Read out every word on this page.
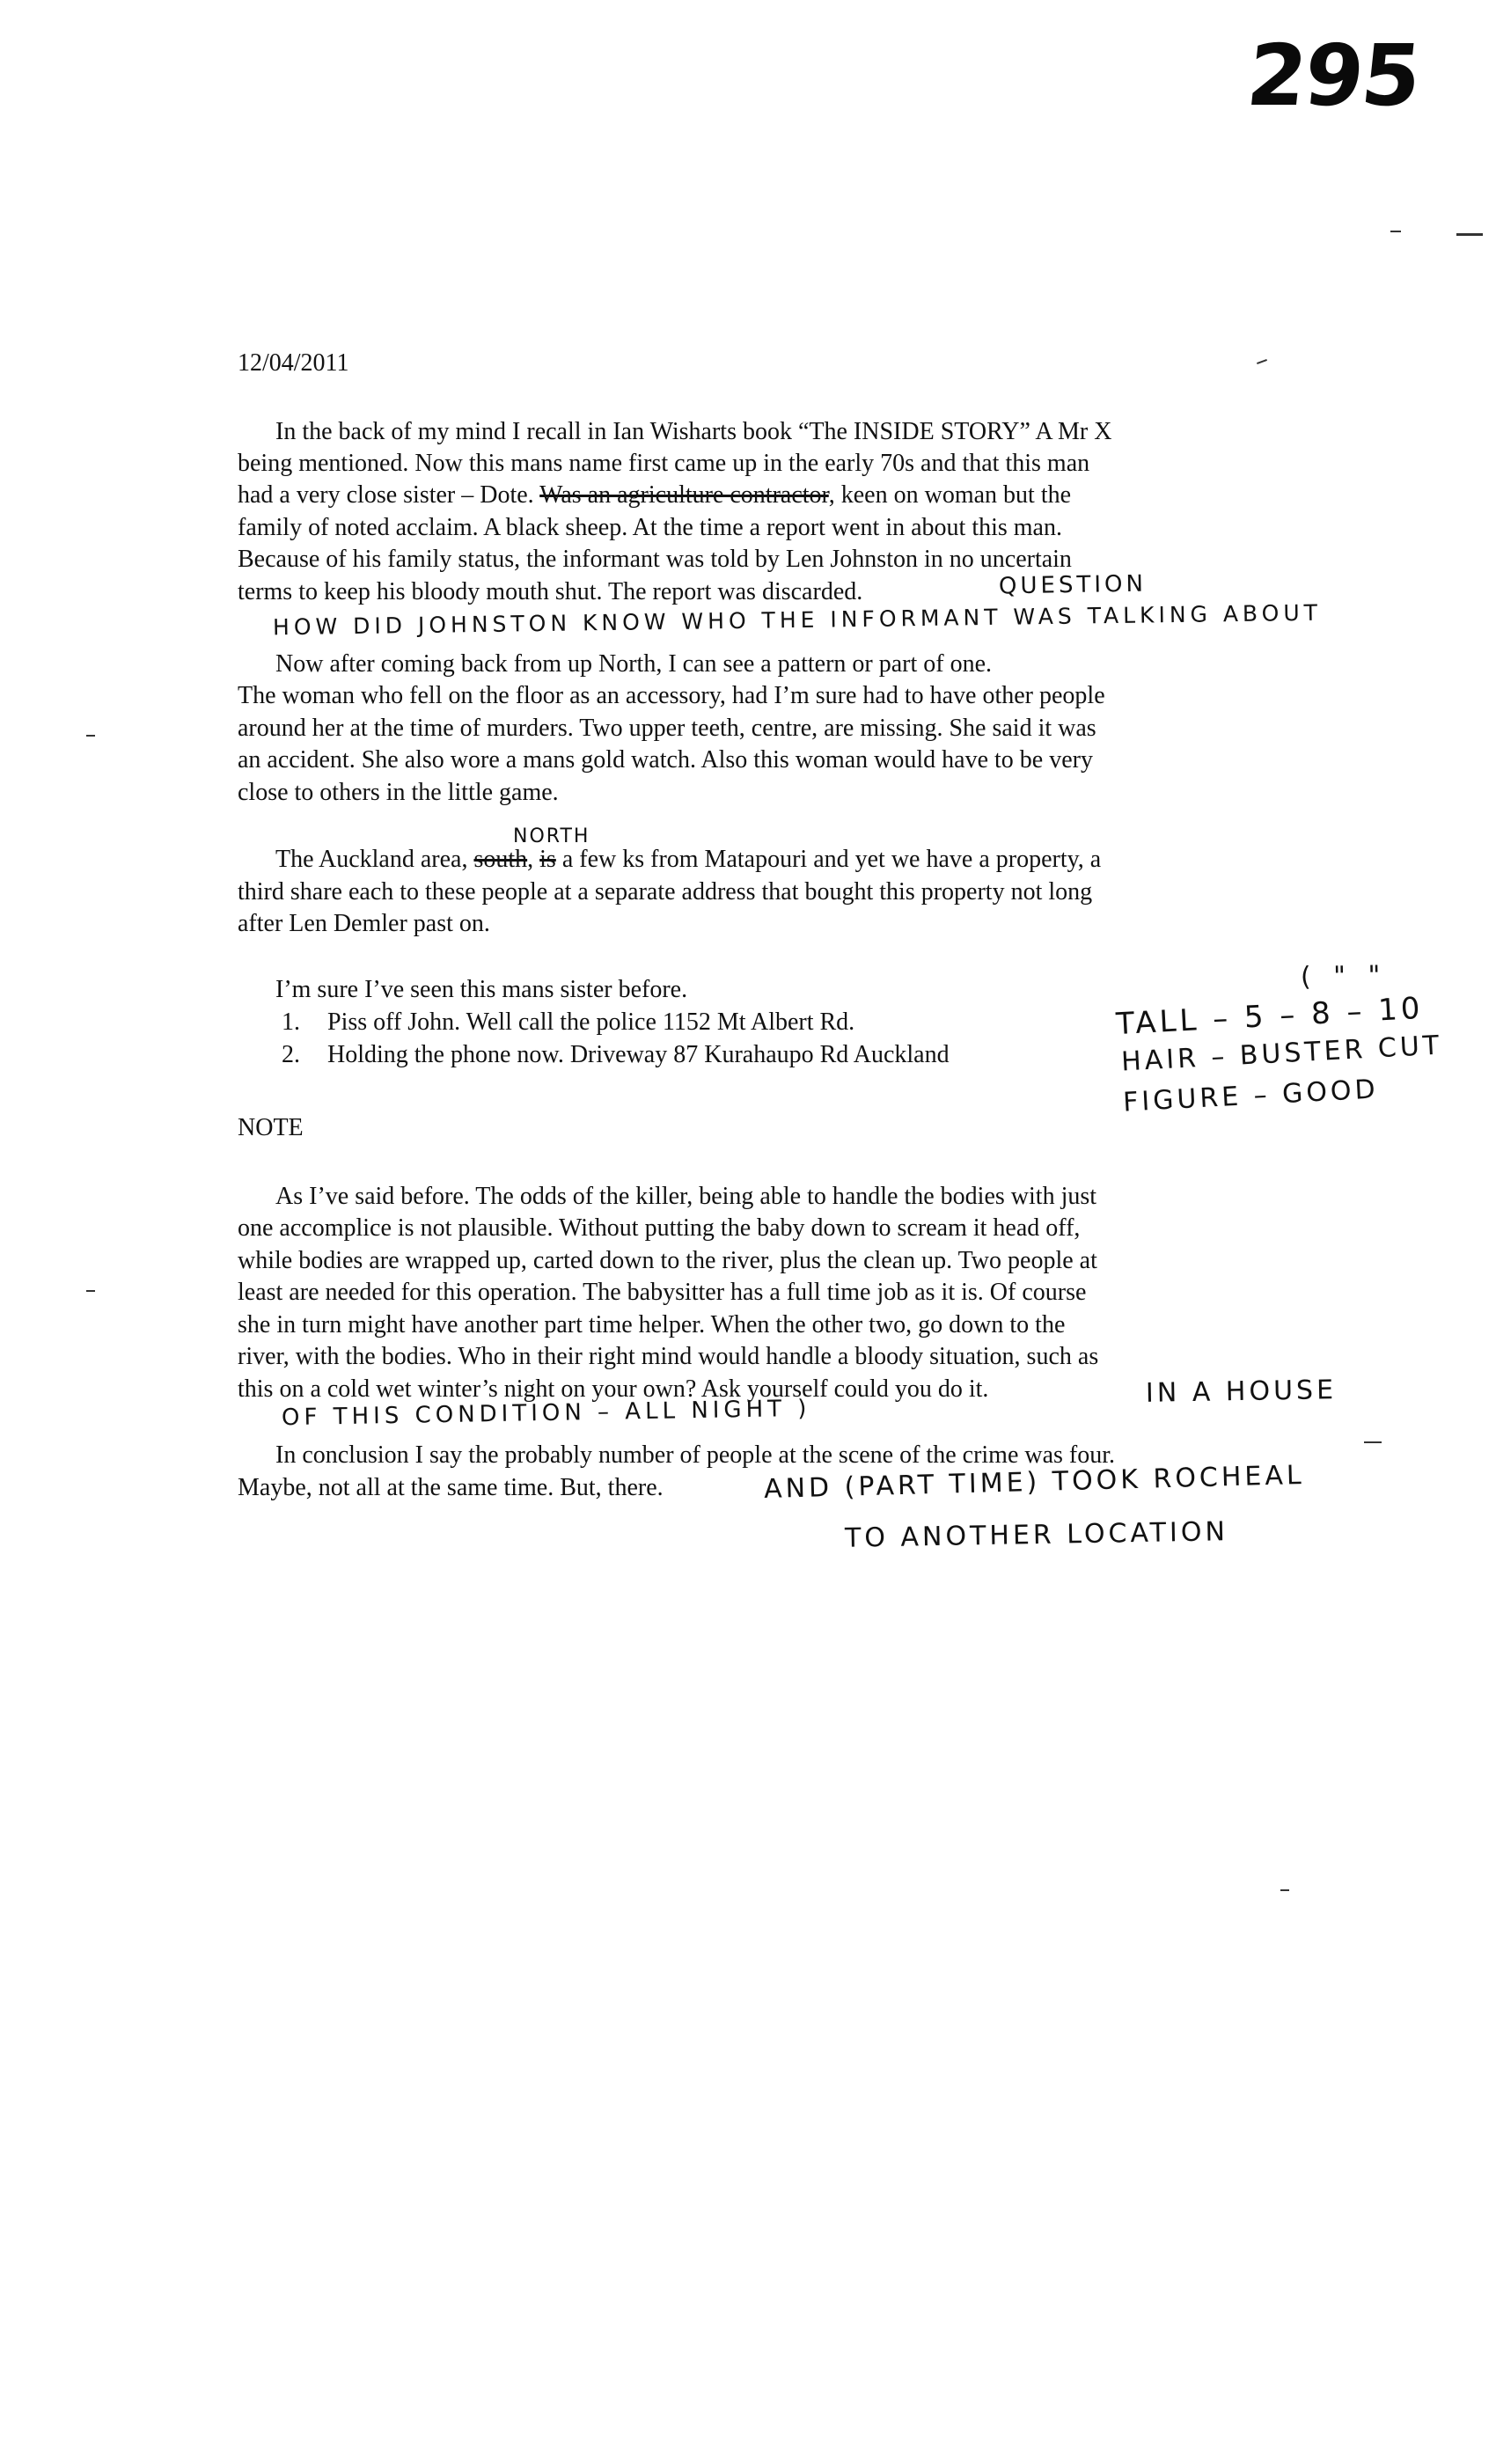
295
12/04/2011
In the back of my mind I recall in Ian Wisharts book “The INSIDE STORY” A Mr X
being mentioned. Now this mans name first came up in the early 70s and that this man
had a very close sister – Dote. Was an agriculture contractor, keen on woman but the
family of noted acclaim. A black sheep. At the time a report went in about this man.
Because of his family status, the informant was told by Len Johnston in no uncertain
terms to keep his bloody mouth shut. The report was discarded.	QUESTION
HOW DID JOHNSTON KNOW WHO THE INFORMANT WAS TALKING ABOUT
Now after coming back from up North, I can see a pattern or part of one.
The woman who fell on the floor as an accessory, had I’m sure had to have other people
around her at the time of murders. Two upper teeth, centre, are missing. She said it was
an accident. She also wore a mans gold watch. Also this woman would have to be very
close to others in the little game.
NORTH
The Auckland area, south, is a few ks from Matapouri and yet we have a property, a
third share each to these people at a separate address that bought this property not long
after Len Demler past on.
I’m sure I’ve seen this mans sister before.
1. Piss off John. Well call the police 1152 Mt Albert Rd.
2. Holding the phone now. Driveway 87 Kurahaupo Rd Auckland
( " "
TALL – 5 – 8 – 10
HAIR – BUSTER CUT
FIGURE – GOOD
NOTE
As I’ve said before. The odds of the killer, being able to handle the bodies with just
one accomplice is not plausible. Without putting the baby down to scream it head off,
while bodies are wrapped up, carted down to the river, plus the clean up. Two people at
least are needed for this operation. The babysitter has a full time job as it is. Of course
she in turn might have another part time helper. When the other two, go down to the
river, with the bodies. Who in their right mind would handle a bloody situation, such as
this on a cold wet winter’s night on your own? Ask yourself could you do it.	IN A HOUSE
OF THIS CONDITION – ALL NIGHT )
In conclusion I say the probably number of people at the scene of the crime was four.
Maybe, not all at the same time. But, there.	AND (PART TIME) TOOK ROCHEAL
TO ANOTHER LOCATION
